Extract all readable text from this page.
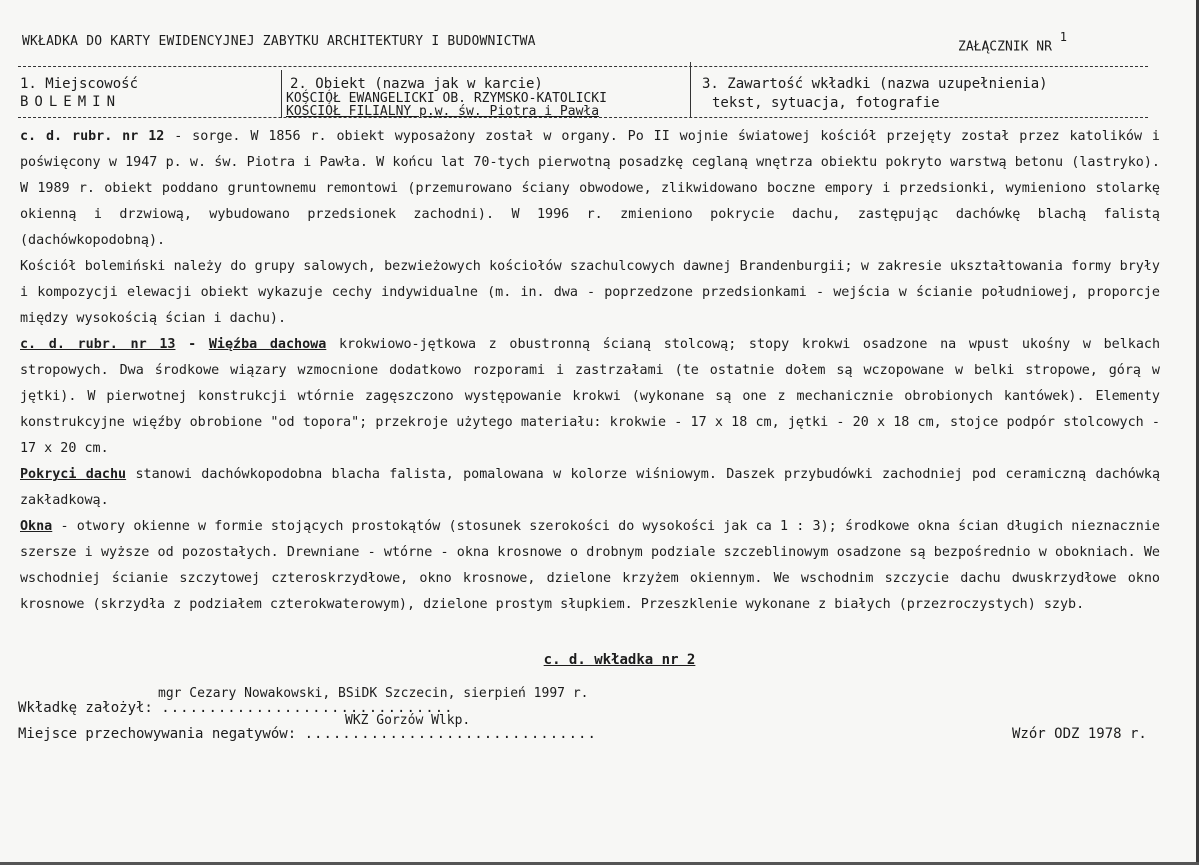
WKŁADKA DO KARTY EWIDENCYJNEJ ZABYTKU ARCHITEKTURY I BUDOWNICTWA	ZAŁĄCZNIK NR $^1$
1. Miejscowość
BOLEMIN
2. Obiekt (nazwa jak w karcie)
KOŚCIÓŁ EWANGELICKI OB. RZYMSKO-KATOLICKI
KOŚCIÓŁ FILIALNY p.w. św. Piotra i Pawła
3. Zawartość wkładki (nazwa uzupełnienia)
tekst, sytuacja, fotografie

c. d. rubr. nr 12 - sorge. W 1856 r. obiekt wyposażony został w organy. Po II wojnie światowej kościół przejęty został przez katolików i poświęcony w 1947 p. w. św. Piotra i Pawła. W końcu lat 70-tych pierwotną posadzkę ceglaną wnętrza obiektu pokryto warstwą betonu (lastryko). W 1989 r. obiekt poddano gruntownemu remontowi (przemurowano ściany obwodowe, zlikwidowano boczne empory i przedsionki, wymieniono stolarkę okienną i drzwiową, wybudowano przedsionek zachodni). W 1996 r. zmieniono pokrycie dachu, zastępując dachówkę blachą falistą (dachówkopodobną).

Kościół bolemiński należy do grupy salowych, bezwieżowych kościołów szachulcowych dawnej Brandenburgii; w zakresie ukształtowania formy bryły i kompozycji elewacji obiekt wykazuje cechy indywidualne (m. in. dwa - poprzedzone przedsionkami - wejścia w ścianie południowej, proporcje między wysokością ścian i dachu).

c. d. rubr. nr 13 - Więźba dachowa krokwiowo-jętkowa z obustronną ścianą stolcową; stopy krokwi osadzone na wpust ukośny w belkach stropowych. Dwa środkowe wiązary wzmocnione dodatkowo rozporami i zastrzałami (te ostatnie dołem są wczopowane w belki stropowe, górą w jętki). W pierwotnej konstrukcji wtórnie zagęszczono występowanie krokwi (wykonane są one z mechanicznie obrobionych kantówek). Elementy konstrukcyjne więźby obrobione "od topora"; przekroje użytego materiału: krokwie - 17 x 18 cm, jętki - 20 x 18 cm, stojce podpór stolcowych - 17 x 20 cm.

Pokryci dachu stanowi dachówkopodobna blacha falista, pomalowana w kolorze wiśniowym. Daszek przybudówki zachodniej pod ceramiczną dachówką zakładkową.

Okna - otwory okienne w formie stojących prostokątów (stosunek szerokości do wysokości jak ca 1 : 3); środkowe okna ścian długich nieznacznie szersze i wyższe od pozostałych. Drewniane - wtórne - okna krosnowe o drobnym podziale szczeblinowym osadzone są bezpośrednio w obokniach. We wschodniej ścianie szczytowej czteroskrzydłowe, okno krosnowe, dzielone krzyżem okiennym. We wschodnim szczycie dachu dwuskrzydłowe okno krosnowe (skrzydła z podziałem czterokwaterowym), dzielone prostym słupkiem. Przeszklenie wykonane z białych (przezroczystych) szyb.

c. d. wkładka nr 2
mgr Cezary Nowakowski, BSiDK Szczecin, sierpień 1997 r.
Wkładkę założył: ...............................
WKZ Gorzów Wlkp.
Miejsce przechowywania negatywów: ...............................	Wzór ODZ 1978 r.
